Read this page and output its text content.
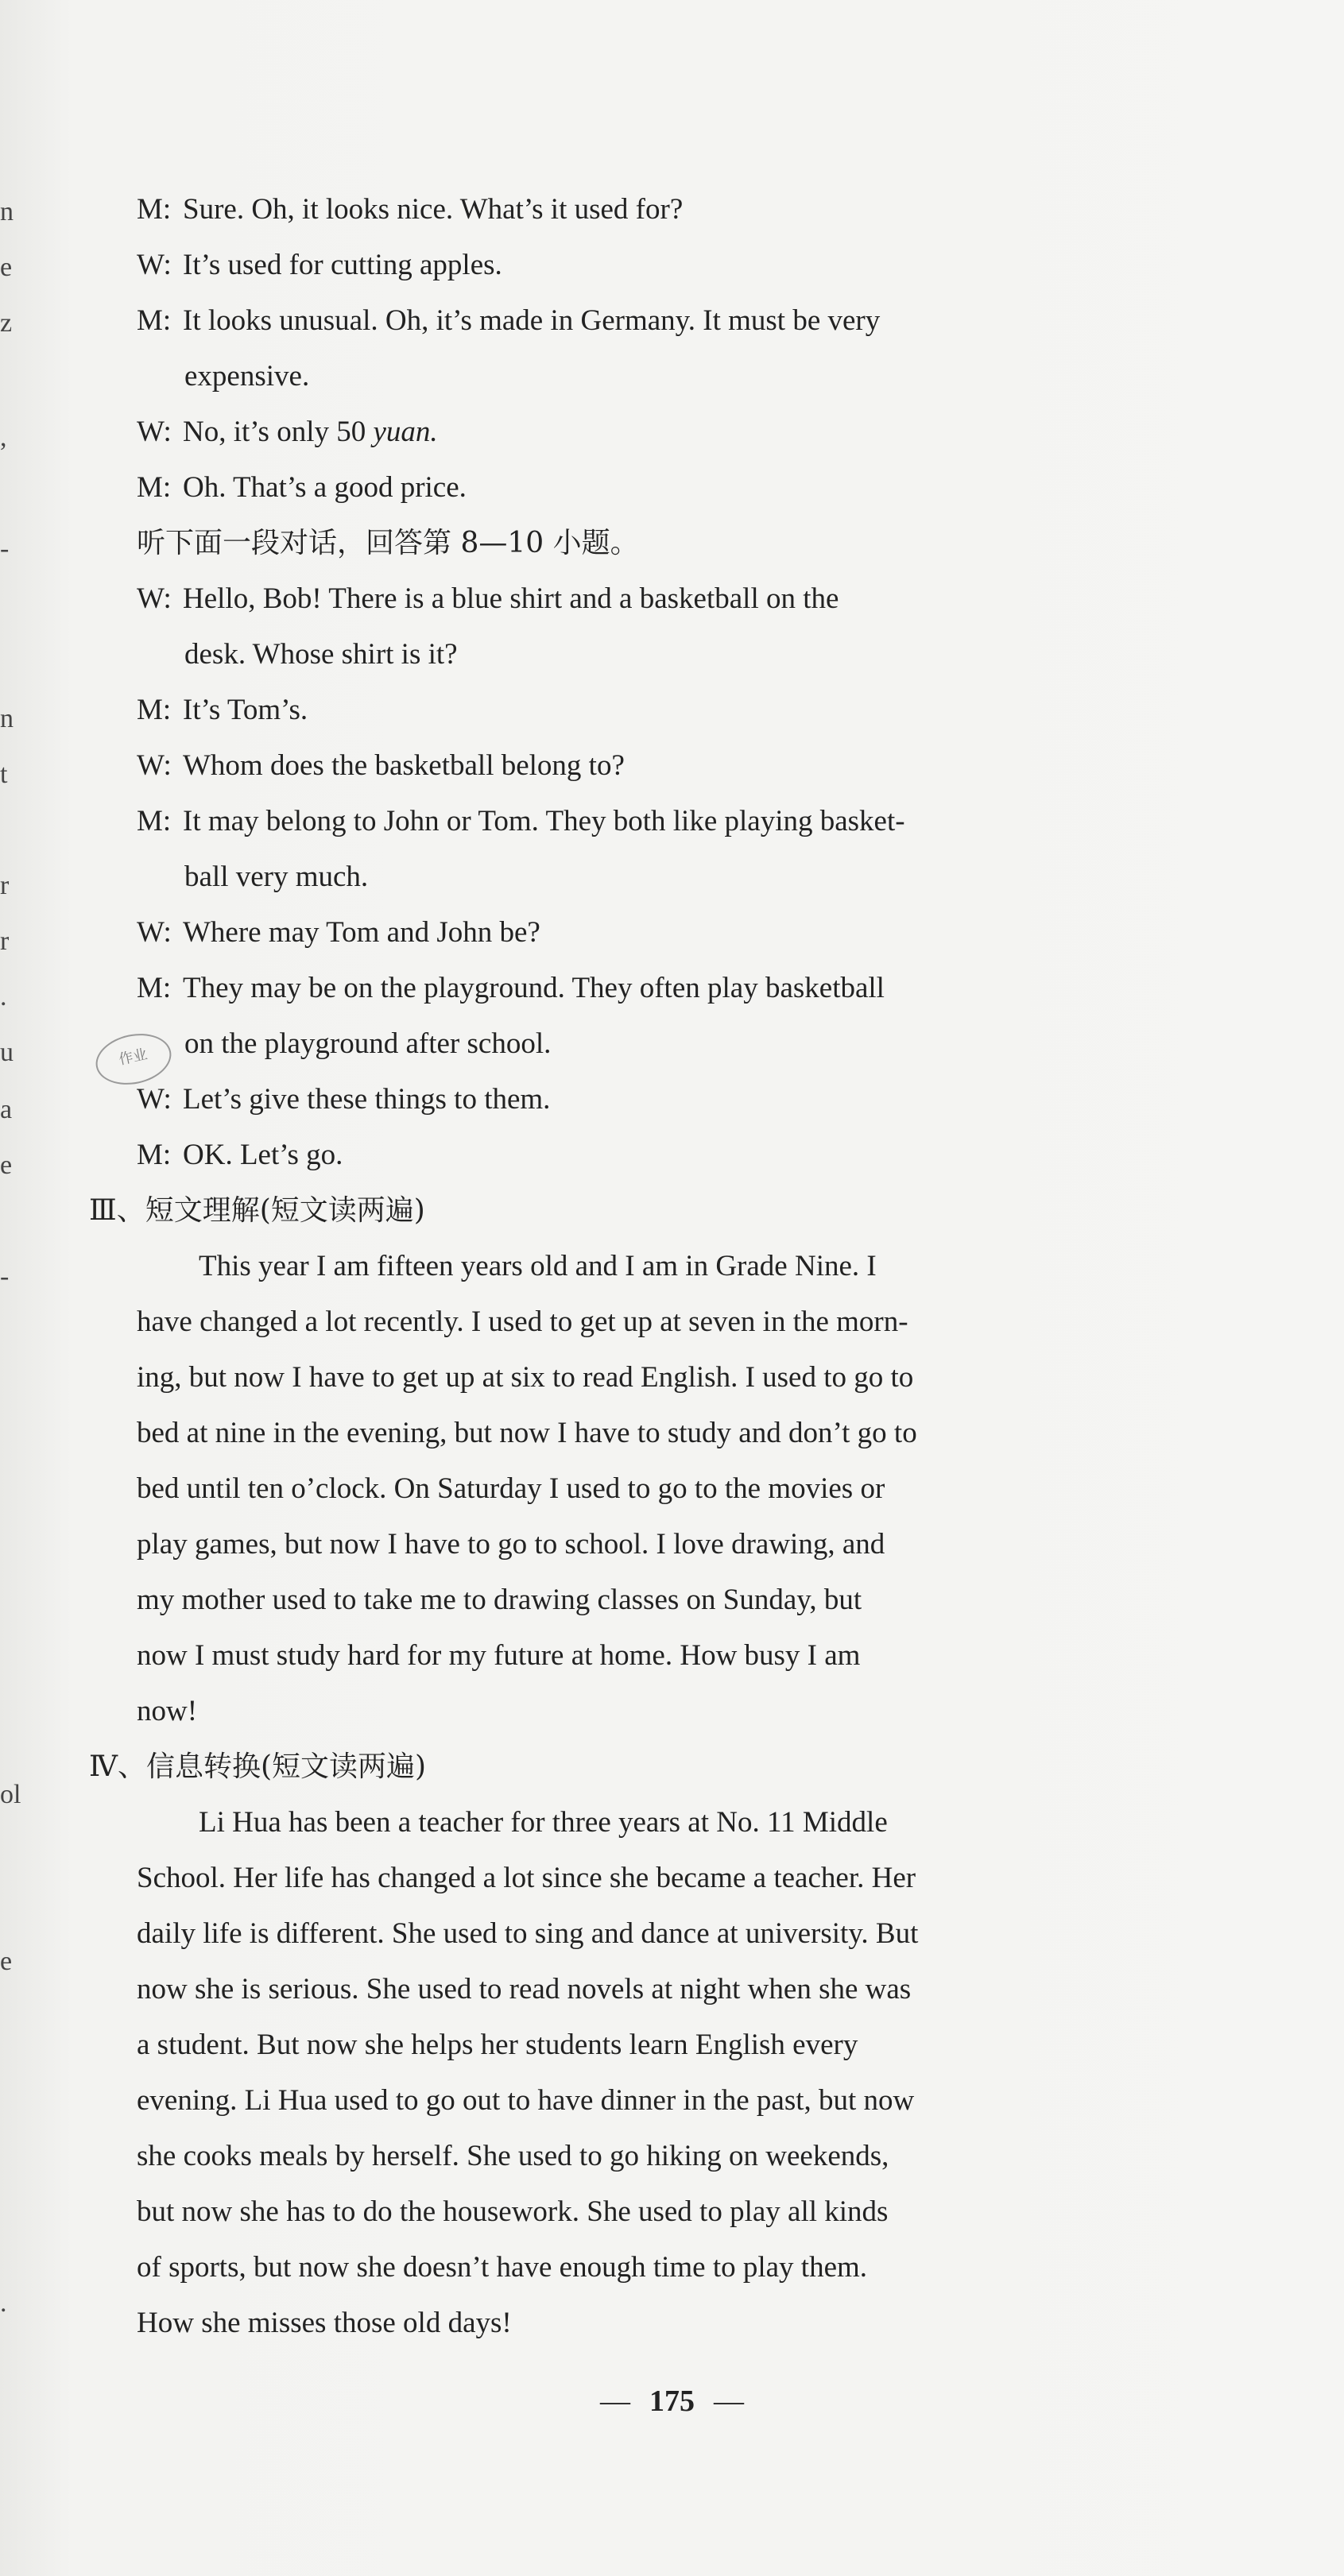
n
e
z
,
-
n
t
r
r
.
u
a
e
-
ol
e
.
M: Sure. Oh, it looks nice. What’s it used for?
W: It’s used for cutting apples.
M: It looks unusual. Oh, it’s made in Germany. It must be very
expensive.
W: No, it’s only 50 yuan.
M: Oh. That’s a good price.
听下面一段对话，回答第 8—10 小题。
W: Hello, Bob! There is a blue shirt and a basketball on the
desk. Whose shirt is it?
M: It’s Tom’s.
W: Whom does the basketball belong to?
M: It may belong to John or Tom. They both like playing basket-
ball very much.
W: Where may Tom and John be?
M: They may be on the playground. They often play basketball
on the playground after school.
W: Let’s give these things to them.
M: OK. Let’s go.
作业
Ⅲ、短文理解(短文读两遍)
This year I am fifteen years old and I am in Grade Nine. I
have changed a lot recently. I used to get up at seven in the morn-
ing, but now I have to get up at six to read English. I used to go to
bed at nine in the evening, but now I have to study and don’t go to
bed until ten o’clock. On Saturday I used to go to the movies or
play games, but now I have to go to school. I love drawing, and
my mother used to take me to drawing classes on Sunday, but
now I must study hard for my future at home. How busy I am
now!
Ⅳ、信息转换(短文读两遍)
Li Hua has been a teacher for three years at No. 11 Middle
School. Her life has changed a lot since she became a teacher. Her
daily life is different. She used to sing and dance at university. But
now she is serious. She used to read novels at night when she was
a student. But now she helps her students learn English every
evening. Li Hua used to go out to have dinner in the past, but now
she cooks meals by herself. She used to go hiking on weekends,
but now she has to do the housework. She used to play all kinds
of sports, but now she doesn’t have enough time to play them.
How she misses those old days!
— 175 —
